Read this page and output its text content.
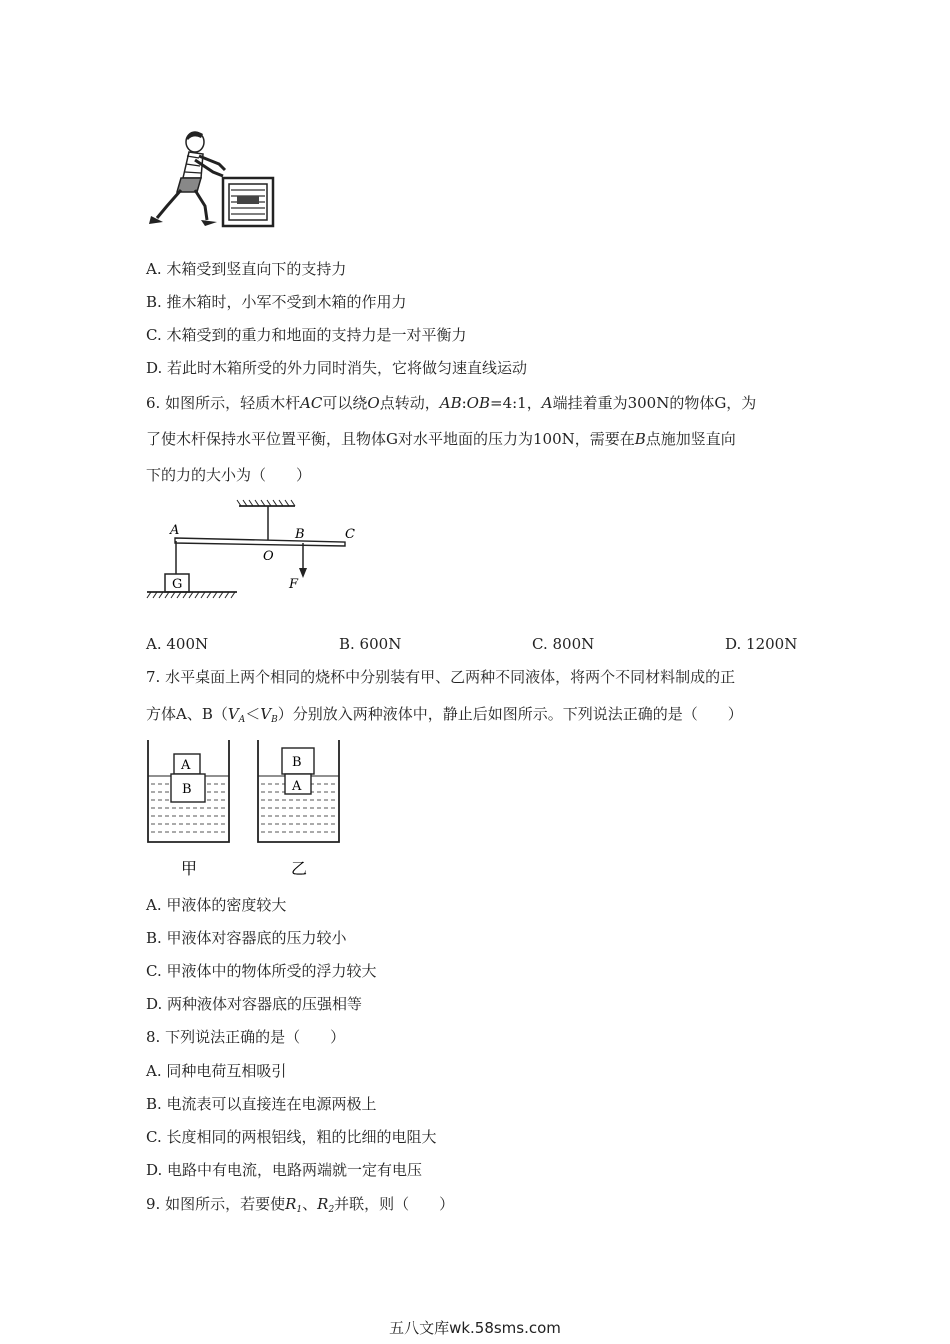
A. 木箱受到竖直向下的支持力
B. 推木箱时，小军不受到木箱的作用力
C. 木箱受到的重力和地面的支持力是一对平衡力
D. 若此时木箱所受的外力同时消失，它将做匀速直线运动
6. 如图所示，轻质木杆AC可以绕O点转动，AB:OB=4:1，A端挂着重为300N的物体G，为
了使木杆保持水平位置平衡，且物体G对水平地面的压力为100N，需要在B点施加竖直向
下的力的大小为（　　）
A
O
B	C
F
G
A. 400N	B. 600N	C. 800N	D. 1200N
7. 水平桌面上两个相同的烧杯中分别装有甲、乙两种不同液体，将两个不同材料制成的正
方体A、$B(V_A<V_B)$分别放入两种液体中，静止后如图所示。下列说法正确的是（　　）
A
B
B
A
甲	乙
A. 甲液体的密度较大
B. 甲液体对容器底的压力较小
C. 甲液体中的物体所受的浮力较大
D. 两种液体对容器底的压强相等
8. 下列说法正确的是（　　）
A. 同种电荷互相吸引
B. 电流表可以直接连在电源两极上
C. 长度相同的两根铝线，粗的比细的电阻大
D. 电路中有电流，电路两端就一定有电压
9. 如图所示，若要使$R_1$、$R_2$并联，则（　　）
五八文库wk.58sms.com
